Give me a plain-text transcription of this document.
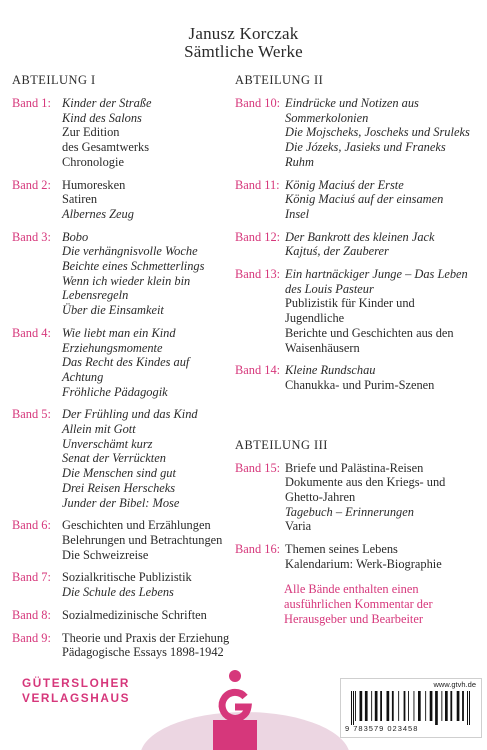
Janusz Korczak
Sämtliche Werke
ABTEILUNG I
Band 1: Kinder der Straße
Kind des Salons
Zur Edition
des Gesamtwerks
Chronologie
Band 2: Humoresken
Satiren
Albernes Zeug
Band 3: Bobo
Die verhängnisvolle Woche
Beichte eines Schmetterlings
Wenn ich wieder klein bin
Lebensregeln
Über die Einsamkeit
Band 4: Wie liebt man ein Kind
Erziehungsmomente
Das Recht des Kindes auf
Achtung
Fröhliche Pädagogik
Band 5: Der Frühling und das Kind
Allein mit Gott
Unverschämt kurz
Senat der Verrückten
Die Menschen sind gut
Drei Reisen Herscheks
Junder der Bibel: Mose
Band 6: Geschichten und Erzählungen
Belehrungen und Betrachtungen
Die Schweizreise
Band 7: Sozialkritische Publizistik
Die Schule des Lebens
Band 8: Sozialmedizinische Schriften
Band 9: Theorie und Praxis der Erziehung
Pädagogische Essays 1898-1942
ABTEILUNG II
Band 10: Eindrücke und Notizen aus
Sommerkolonien
Die Mojscheks, Joscheks und Sruleks
Die Józeks, Jasieks und Franeks
Ruhm
Band 11: König Maciuś der Erste
König Maciuś auf der einsamen
Insel
Band 12: Der Bankrott des kleinen Jack
Kajtuś, der Zauberer
Band 13: Ein hartnäckiger Junge – Das Leben
des Louis Pasteur
Publizistik für Kinder und
Jugendliche
Berichte und Geschichten aus den
Waisenhäusern
Band 14: Kleine Rundschau
Chanukka- und Purim-Szenen
ABTEILUNG III
Band 15: Briefe und Palästina-Reisen
Dokumente aus den Kriegs- und
Ghetto-Jahren
Tagebuch – Erinnerungen
Varia
Band 16: Themen seines Lebens
Kalendarium: Werk-Biographie
Alle Bände enthalten einen ausführlichen Kommentar der Herausgeber und Bearbeiter
GÜTERSLOHER
VERLAGSHAUS
www.gtvh.de
9 783579 023458
